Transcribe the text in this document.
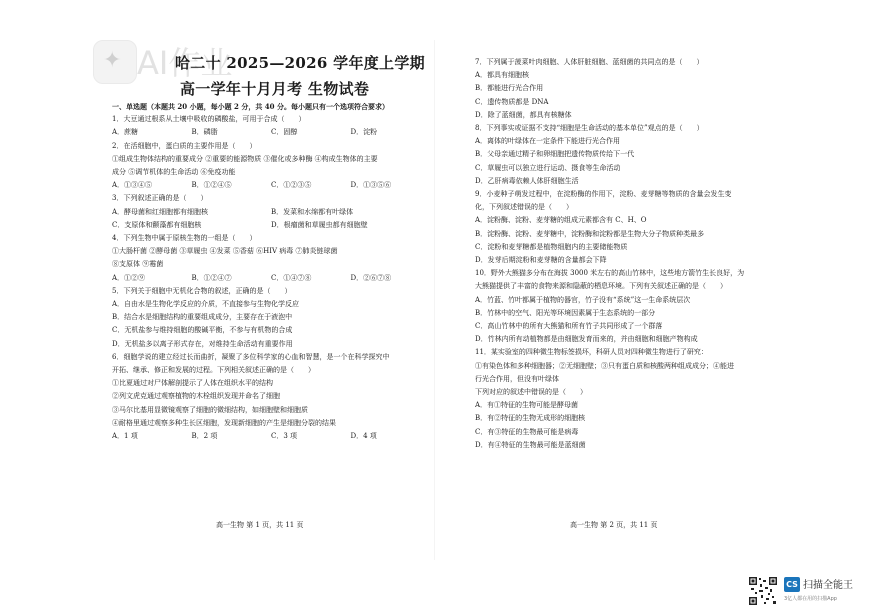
✦ AI作业
哈二十 2025—2026 学年度上学期
高一学年十月月考 生物试卷
一、单选题（本题共 20 小题，每小题 2 分，共 40 分。每小题只有一个选项符合要求）
1．大豆通过根系从土壤中吸收的磷酸盐，可用于合成（　　）
A．蔗糖	B．磷脂	C．固醇	D．淀粉
2．在活细胞中，蛋白质的主要作用是（　　）
①组成生物体结构的重要成分 ②重要的能源物质 ③催化或多种酶 ④构成生物体的主要
成分 ⑤调节机体的生命活动 ⑥免疫功能
A．①③④⑤	B．①②④⑤	C．①②③⑤	D．①③⑤⑥
3．下列叙述正确的是（　　）
A．酵母菌和红细胞都有细胞核	B．发菜和水绵都有叶绿体
C．支原体和颤藻都有细胞核	D．根瘤菌和草履虫都有细胞壁
4．下列生物中属于原核生物的一组是（　　）
①大肠杆菌 ②酵母菌 ③草履虫 ④发菜 ⑤香菇 ⑥HIV 病毒 ⑦肺炎链球菌
⑧支原体 ⑨霉菌
A．①②⑨	B．①②④⑦	C．①④⑦⑧	D．②⑥⑦⑧
5．下列关于细胞中无机化合物的叙述，正确的是（　　）
A．自由水是生物化学反应的介质，不直接参与生物化学反应
B．结合水是细胞结构的重要组成成分，主要存在于液泡中
C．无机盐参与维持细胞的酸碱平衡，不参与有机物的合成
D．无机盐多以离子形式存在，对维持生命活动有重要作用
6．细胞学说的建立经过长而曲折，凝聚了多位科学家的心血和智慧，是一个在科学探究中
开拓、继承、修正和发展的过程。下列相关叙述正确的是（　　）
①比夏通过对尸体解剖提示了人体在组织水平的结构
②列文虎克通过观察植物的木栓组织发现并命名了细胞
③马尔比基用显微镜观察了细胞的微细结构，如细胞壁和细胞质
④耐格里通过观察多种生长区细胞，发现新细胞的产生是细胞分裂的结果
A．1 项	B．2 项	C．3 项	D．4 项
高一生物 第 1 页，共 11 页
7．下列属于菠菜叶肉细胞、人体肝脏细胞、蓝细菌的共同点的是（　　）
A．都具有细胞核
B．都能进行光合作用
C．遗传物质都是 DNA
D．除了蓝细菌，都具有核糖体
8．下列事实或证据不支持“细胞是生命活动的基本单位”观点的是（　　）
A．离体的叶绿体在一定条件下能进行光合作用
B．父母亲通过精子和卵细胞把遗传物质传给下一代
C．草履虫可以独立进行运动、摄食等生命活动
D．乙肝病毒依赖人体肝细胞生活
9．小麦种子萌发过程中，在淀粉酶的作用下，淀粉、麦芽糖等物质的含量会发生变
化，下列叙述错误的是（　　）
A．淀粉酶、淀粉、麦芽糖的组成元素都含有 C、H、O
B．淀粉酶、淀粉、麦芽糖中，淀粉酶和淀粉都是生物大分子物质种类最多
C．淀粉和麦芽糖都是植物细胞内的主要储能物质
D．发芽后期淀粉和麦芽糖的含量都会下降
10．野外大熊猫多分布在海拔 3000 米左右的高山竹林中，这些地方箭竹生长良好，为
大熊猫提供了丰富的食物来源和隐蔽的栖息环境。下列有关叙述正确的是（　　）
A．竹蓝、竹叶都属于植物的器官，竹子没有“系统”这一生命系统层次
B．竹林中的空气、阳光等环境因素属于生态系统的一部分
C．高山竹林中的所有大熊猫和所有竹子共同形成了一个群落
D．竹林内所有动植物都是由细胞发育而来的，并由细胞和细胞产物构成
11．某实验室的四种微生物标签损坏，科研人员对四种微生物进行了研究：
①有染色体和多种细胞器；②无细胞壁；③只有蛋白质和核酸两种组成成分；④能进
行光合作用，但没有叶绿体
下列对应的叙述中错误的是（　　）
A．有①特征的生物可能是酵母菌
B．有②特征的生物无成形的细胞核
C．有③特征的生物最可能是病毒
D．有④特征的生物最可能是蓝细菌
高一生物 第 2 页，共 11 页
CS 扫描全能王
3亿人都在用的扫描App
